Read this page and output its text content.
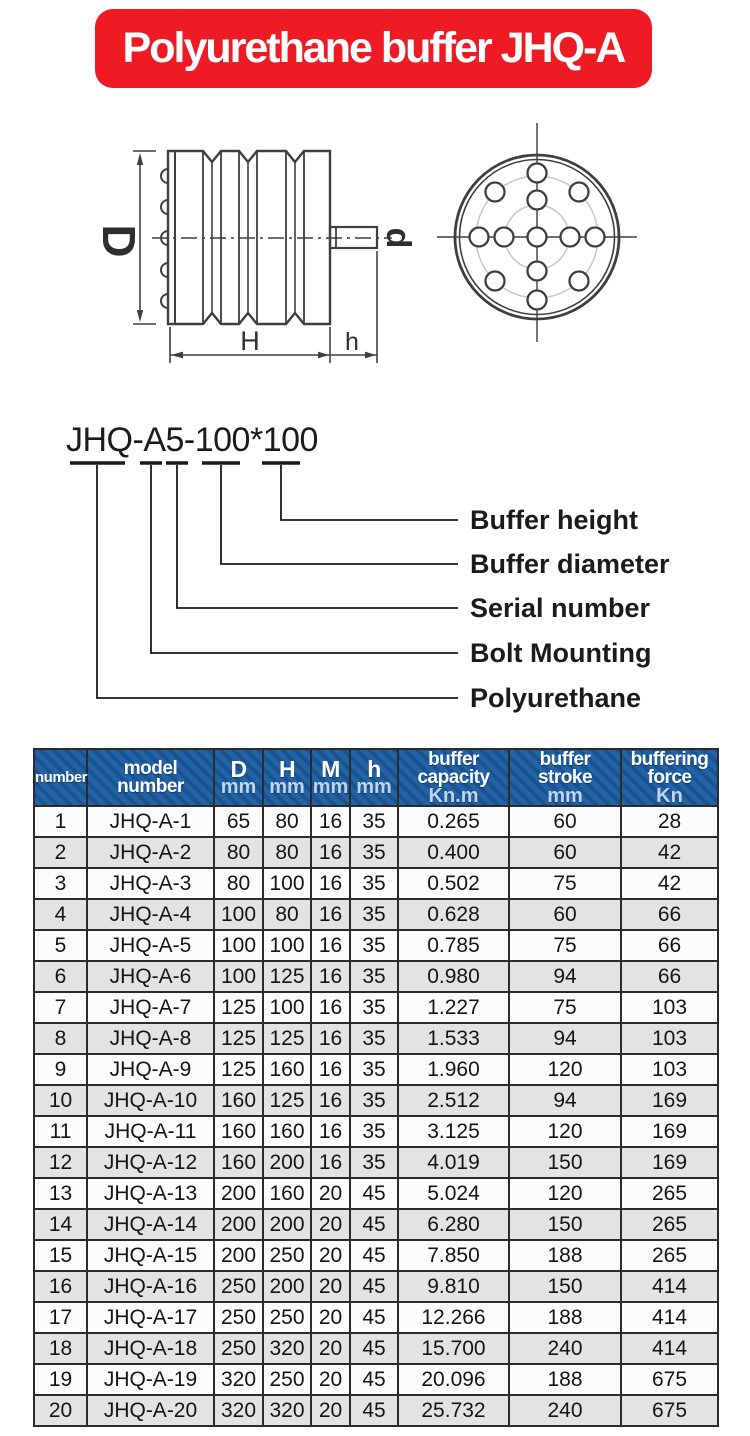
Polyurethane buffer JHQ-A
D
H	h
d
JHQ-A5-100*100
Buffer height
Buffer diameter
Serial number
Bolt Mounting
Polyurethane
number	model
number

D
mm

H
mm

M
mm

h
mm

buffer
capacity
Kn.m

buffer
stroke
mm

buffering
force
Kn

1	JHQ-A-1	65	80	16	35	0.265	60	28
2	JHQ-A-2	80	80	16	35	0.400	60	42
3	JHQ-A-3	80	100	16	35	0.502	75	42
4	JHQ-A-4	100	80	16	35	0.628	60	66
5	JHQ-A-5	100	100	16	35	0.785	75	66
6	JHQ-A-6	100	125	16	35	0.980	94	66
7	JHQ-A-7	125	100	16	35	1.227	75	103
8	JHQ-A-8	125	125	16	35	1.533	94	103
9	JHQ-A-9	125	160	16	35	1.960	120	103
10	JHQ-A-10	160	125	16	35	2.512	94	169
11	JHQ-A-11	160	160	16	35	3.125	120	169
12	JHQ-A-12	160	200	16	35	4.019	150	169
13	JHQ-A-13	200	160	20	45	5.024	120	265
14	JHQ-A-14	200	200	20	45	6.280	150	265
15	JHQ-A-15	200	250	20	45	7.850	188	265
16	JHQ-A-16	250	200	20	45	9.810	150	414
17	JHQ-A-17	250	250	20	45	12.266	188	414
18	JHQ-A-18	250	320	20	45	15.700	240	414
19	JHQ-A-19	320	250	20	45	20.096	188	675
20	JHQ-A-20	320	320	20	45	25.732	240	675
